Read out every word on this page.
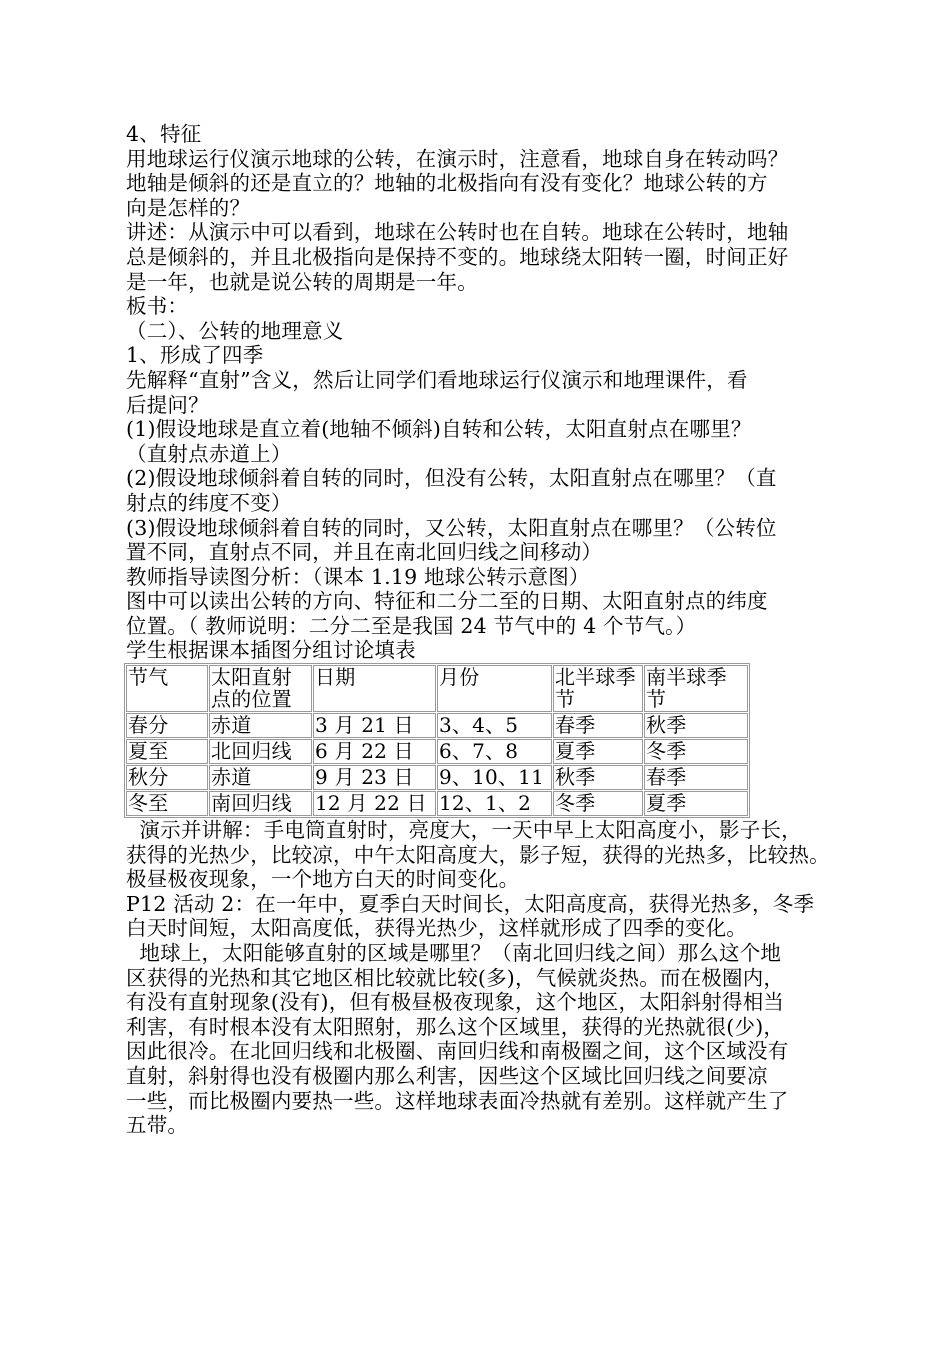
4、特征
用地球运行仪演示地球的公转，在演示时，注意看，地球自身在转动吗？
地轴是倾斜的还是直立的？地轴的北极指向有没有变化？地球公转的方
向是怎样的？
讲述：从演示中可以看到，地球在公转时也在自转。地球在公转时，地轴
总是倾斜的，并且北极指向是保持不变的。地球绕太阳转一圈，时间正好
是一年，也就是说公转的周期是一年。
板书：
（二）、公转的地理意义
1、形成了四季
先解释“直射”含义，然后让同学们看地球运行仪演示和地理课件，看
后提问？
(1)假设地球是直立着(地轴不倾斜)自转和公转，太阳直射点在哪里？
（直射点赤道上）
(2)假设地球倾斜着自转的同时，但没有公转，太阳直射点在哪里？（直
射点的纬度不变）
(3)假设地球倾斜着自转的同时，又公转，太阳直射点在哪里？（公转位
置不同，直射点不同，并且在南北回归线之间移动）
教师指导读图分析：（课本 1.19 地球公转示意图）
图中可以读出公转的方向、特征和二分二至的日期、太阳直射点的纬度
位置。（ 教师说明：二分二至是我国 24 节气中的 4 个节气。）
学生根据课本插图分组讨论填表
节气	太阳直射点的位置	日期	月份	北半球季节	南半球季节
春分	赤道	3 月 21 日	3、4、5	春季	秋季
夏至	北回归线	6 月 22 日	6、7、8	夏季	冬季
秋分	赤道	9 月 23 日	9、10、11	秋季	春季
冬至	南回归线	12 月 22 日	12、1、2	冬季	夏季
演示并讲解：手电筒直射时，亮度大，一天中早上太阳高度小，影子长，
获得的光热少，比较凉，中午太阳高度大，影子短，获得的光热多，比较热。
极昼极夜现象，一个地方白天的时间变化。
P12 活动 2：在一年中，夏季白天时间长，太阳高度高，获得光热多，冬季
白天时间短，太阳高度低，获得光热少，这样就形成了四季的变化。
地球上，太阳能够直射的区域是哪里？（南北回归线之间）那么这个地
区获得的光热和其它地区相比较就比较(多)，气候就炎热。而在极圈内，
有没有直射现象(没有)，但有极昼极夜现象，这个地区，太阳斜射得相当
利害，有时根本没有太阳照射，那么这个区域里，获得的光热就很(少)，
因此很冷。在北回归线和北极圈、南回归线和南极圈之间，这个区域没有
直射，斜射得也没有极圈内那么利害，因些这个区域比回归线之间要凉
一些，而比极圈内要热一些。这样地球表面冷热就有差别。这样就产生了
五带。
